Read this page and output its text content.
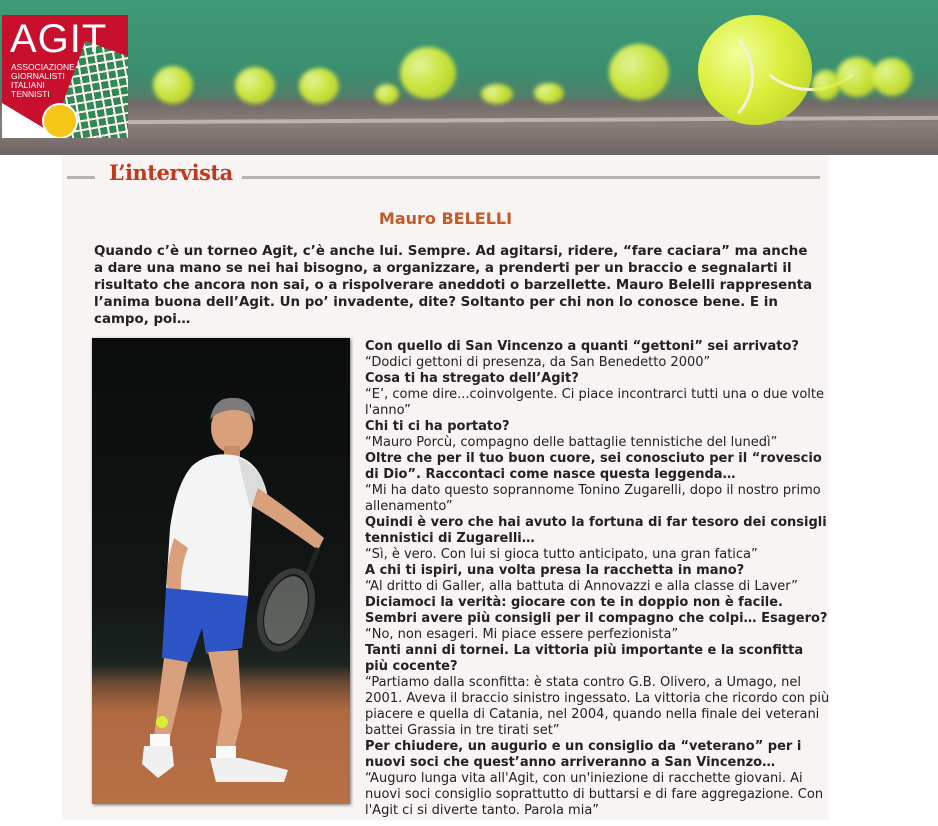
AGIT
ASSOCIAZIONE
GIORNALISTI
ITALIANI
TENNISTI
L’intervista
Mauro BELELLI
Quando c’è un torneo Agit, c’è anche lui. Sempre. Ad agitarsi, ridere, “fare caciara” ma anche a dare una mano se nei hai bisogno, a organizzare, a prenderti per un braccio e segnalarti il risultato che ancora non sai, o a rispolverare aneddoti o barzellette. Mauro Belelli rappresenta l’anima buona dell’Agit. Un po’ invadente, dite? Soltanto per chi non lo conosce bene. E in campo, poi…
Con quello di San Vincenzo a quanti “gettoni” sei arrivato?
“Dodici gettoni di presenza, da San Benedetto 2000”
Cosa ti ha stregato dell’Agit?
“E’, come dire...coinvolgente. Ci piace incontrarci tutti una o due volte l'anno”
Chi ti ci ha portato?
“Mauro Porcù, compagno delle battaglie tennistiche del lunedì”
Oltre che per il tuo buon cuore, sei conosciuto per il “rovescio di Dio”. Raccontaci come nasce questa leggenda…
“Mi ha dato questo soprannome Tonino Zugarelli, dopo il nostro primo allenamento”
Quindi è vero che hai avuto la fortuna di far tesoro dei consigli tennistici di Zugarelli…
“Sì, è vero. Con lui si gioca tutto anticipato, una gran fatica”
A chi ti ispiri, una volta presa la racchetta in mano?
“Al dritto di Galler, alla battuta di Annovazzi e alla classe di Laver”
Diciamoci la verità: giocare con te in doppio non è facile. Sembri avere più consigli per il compagno che colpi… Esagero?
“No, non esageri. Mi piace essere perfezionista”
Tanti anni di tornei. La vittoria più importante e la sconfitta più cocente?
“Partiamo dalla sconfitta: è stata contro G.B. Olivero, a Umago, nel 2001. Aveva il braccio sinistro ingessato. La vittoria che ricordo con più piacere e quella di Catania, nel 2004, quando nella finale dei veterani battei Grassia in tre tirati set”
Per chiudere, un augurio e un consiglio da “veterano” per i nuovi soci che quest’anno arriveranno a San Vincenzo…
“Auguro lunga vita all'Agit, con un'iniezione di racchette giovani. Ai nuovi soci consiglio soprattutto di buttarsi e di fare aggregazione. Con l'Agit ci si diverte tanto. Parola mia”
